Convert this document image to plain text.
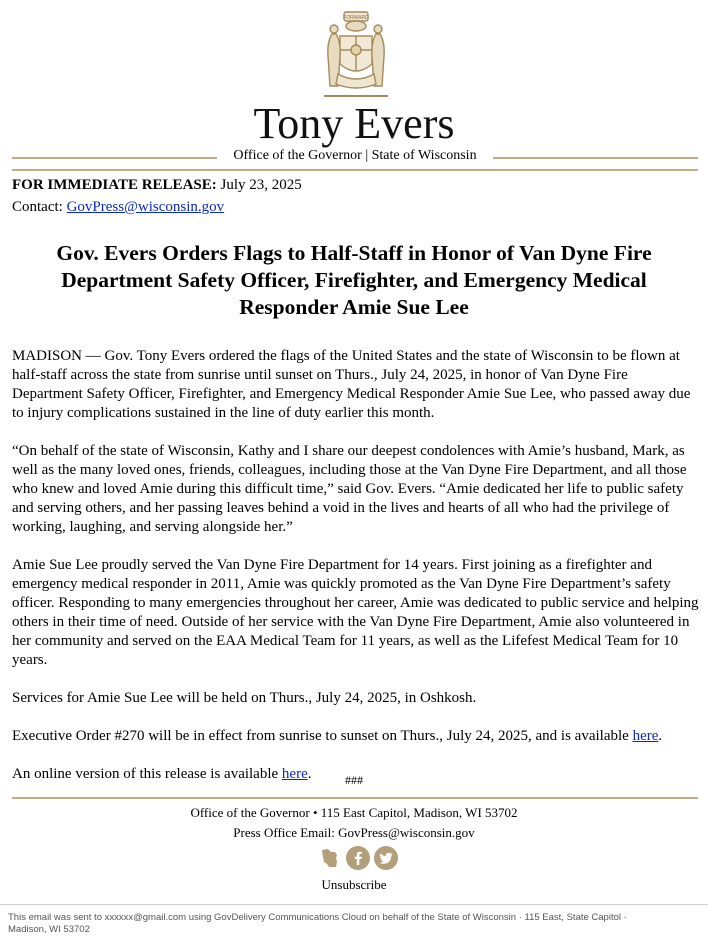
FORWARD
Tony Evers
Office of the Governor | State of Wisconsin
FOR IMMEDIATE RELEASE: July 23, 2025
Contact: GovPress@wisconsin.gov
Gov. Evers Orders Flags to Half-Staff in Honor of Van Dyne Fire Department Safety Officer, Firefighter, and Emergency Medical Responder Amie Sue Lee

MADISON — Gov. Tony Evers ordered the flags of the United States and the state of Wisconsin to be flown at half-staff across the state from sunrise until sunset on Thurs., July 24, 2025, in honor of Van Dyne Fire Department Safety Officer, Firefighter, and Emergency Medical Responder Amie Sue Lee, who passed away due to injury complications sustained in the line of duty earlier this month.

“On behalf of the state of Wisconsin, Kathy and I share our deepest condolences with Amie’s husband, Mark, as well as the many loved ones, friends, colleagues, including those at the Van Dyne Fire Department, and all those who knew and loved Amie during this difficult time,” said Gov. Evers. “Amie dedicated her life to public safety and serving others, and her passing leaves behind a void in the lives and hearts of all who had the privilege of working, laughing, and serving alongside her.”

Amie Sue Lee proudly served the Van Dyne Fire Department for 14 years. First joining as a firefighter and emergency medical responder in 2011, Amie was quickly promoted as the Van Dyne Fire Department’s safety officer. Responding to many emergencies throughout her career, Amie was dedicated to public service and helping others in their time of need. Outside of her service with the Van Dyne Fire Department, Amie also volunteered in her community and served on the EAA Medical Team for 11 years, as well as the Lifefest Medical Team for 10 years.

Services for Amie Sue Lee will be held on Thurs., July 24, 2025, in Oshkosh.

Executive Order #270 will be in effect from sunrise to sunset on Thurs., July 24, 2025, and is available here.

An online version of this release is available here.	###
Office of the Governor • 115 East Capitol, Madison, WI 53702
Press Office Email: GovPress@wisconsin.gov
Unsubscribe
This email was sent to xxxxxx@gmail.com using GovDelivery Communications Cloud on behalf of the State of Wisconsin · 115 East, State Capitol · Madison, WI 53702
